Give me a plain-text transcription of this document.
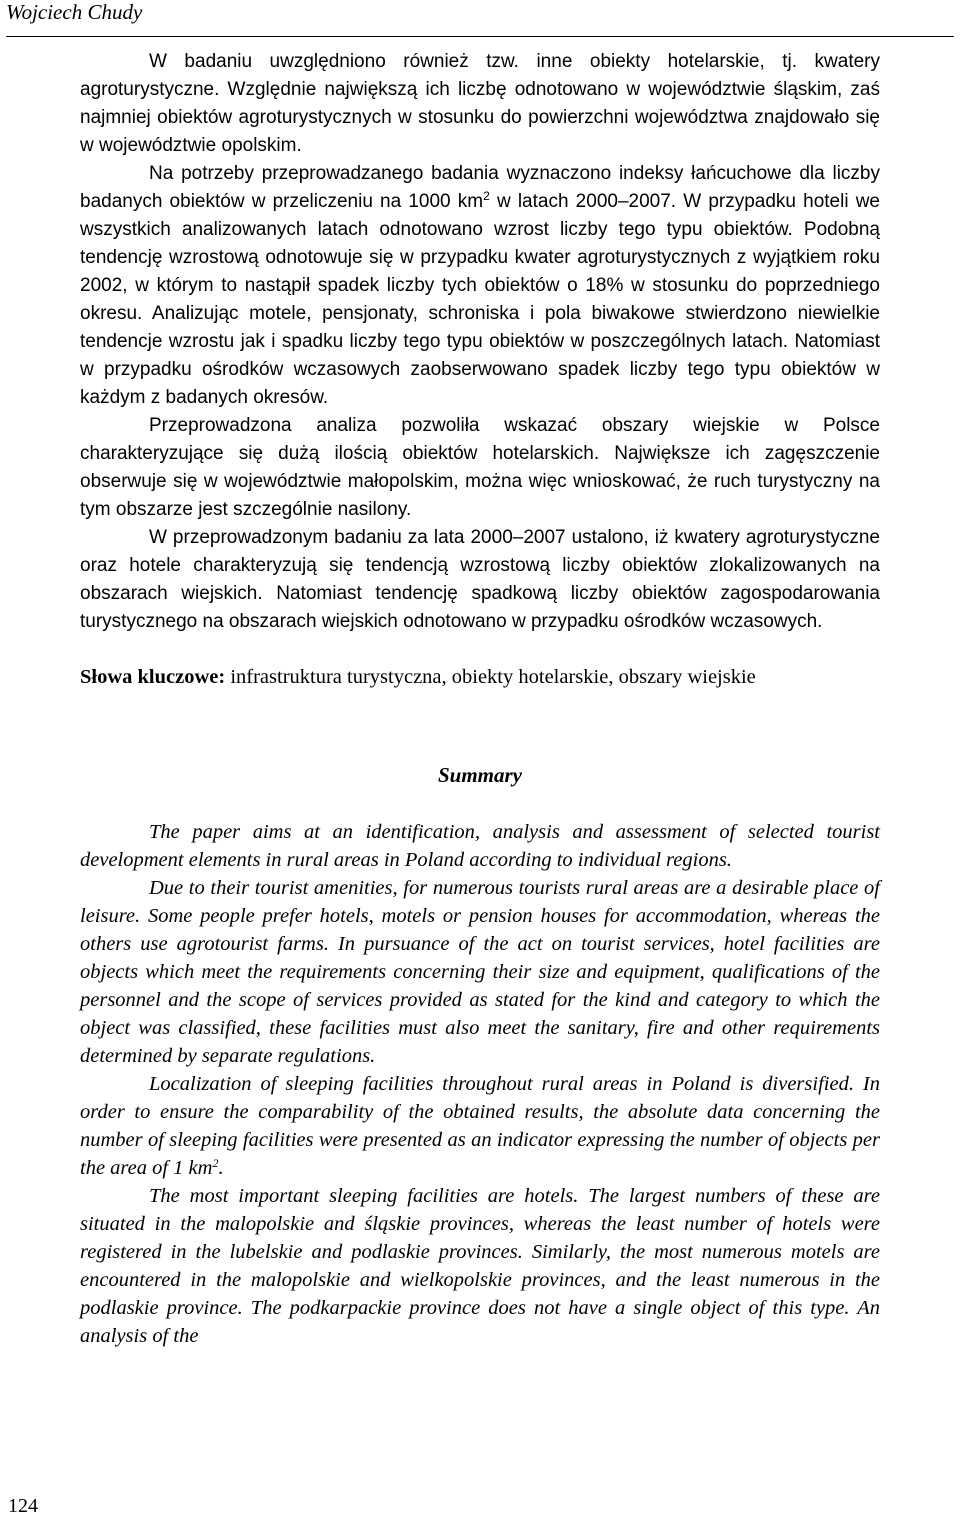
Wojciech Chudy

W badaniu uwzględniono również tzw. inne obiekty hotelarskie, tj. kwatery agroturystyczne. Względnie największą ich liczbę odnotowano w województwie śląskim, zaś najmniej obiektów agroturystycznych w stosunku do powierzchni województwa znajdowało się w województwie opolskim.

Na potrzeby przeprowadzanego badania wyznaczono indeksy łańcuchowe dla liczby badanych obiektów w przeliczeniu na 1000 $km^2$ w latach 2000–2007. W przypadku hoteli we wszystkich analizowanych latach odnotowano wzrost liczby tego typu obiektów. Podobną tendencję wzrostową odnotowuje się w przypadku kwater agroturystycznych z wyjątkiem roku 2002, w którym to nastąpił spadek liczby tych obiektów o 18% w stosunku do poprzedniego okresu. Analizując motele, pensjonaty, schroniska i pola biwakowe stwierdzono niewielkie tendencje wzrostu jak i spadku liczby tego typu obiektów w poszczególnych latach. Natomiast w przypadku ośrodków wczasowych zaobserwowano spadek liczby tego typu obiektów w każdym z badanych okresów.

Przeprowadzona analiza pozwoliła wskazać obszary wiejskie w Polsce charakteryzujące się dużą ilością obiektów hotelarskich. Największe ich zagęszczenie obserwuje się w województwie małopolskim, można więc wnioskować, że ruch turystyczny na tym obszarze jest szczególnie nasilony.

W przeprowadzonym badaniu za lata 2000–2007 ustalono, iż kwatery agroturystyczne oraz hotele charakteryzują się tendencją wzrostową liczby obiektów zlokalizowanych na obszarach wiejskich. Natomiast tendencję spadkową liczby obiektów zagospodarowania turystycznego na obszarach wiejskich odnotowano w przypadku ośrodków wczasowych.

Słowa kluczowe: infrastruktura turystyczna, obiekty hotelarskie, obszary wiejskie

Summary

The paper aims at an identification, analysis and assessment of selected tourist development elements in rural areas in Poland according to individual regions.

Due to their tourist amenities, for numerous tourists rural areas are a desirable place of leisure. Some people prefer hotels, motels or pension houses for accommodation, whereas the others use agrotourist farms. In pursuance of the act on tourist services, hotel facilities are objects which meet the requirements concerning their size and equipment, qualifications of the personnel and the scope of services provided as stated for the kind and category to which the object was classified, these facilities must also meet the sanitary, fire and other requirements determined by separate regulations.

Localization of sleeping facilities throughout rural areas in Poland is diversified. In order to ensure the comparability of the obtained results, the absolute data concerning the number of sleeping facilities were presented as an indicator expressing the number of objects per the area of 1 $km^2$.

The most important sleeping facilities are hotels. The largest numbers of these are situated in the malopolskie and śląskie provinces, whereas the least number of hotels were registered in the lubelskie and podlaskie provinces. Similarly, the most numerous motels are encountered in the malopolskie and wielkopolskie provinces, and the least numerous in the podlaskie province. The podkarpackie province does not have a single object of this type. An analysis of the

124
